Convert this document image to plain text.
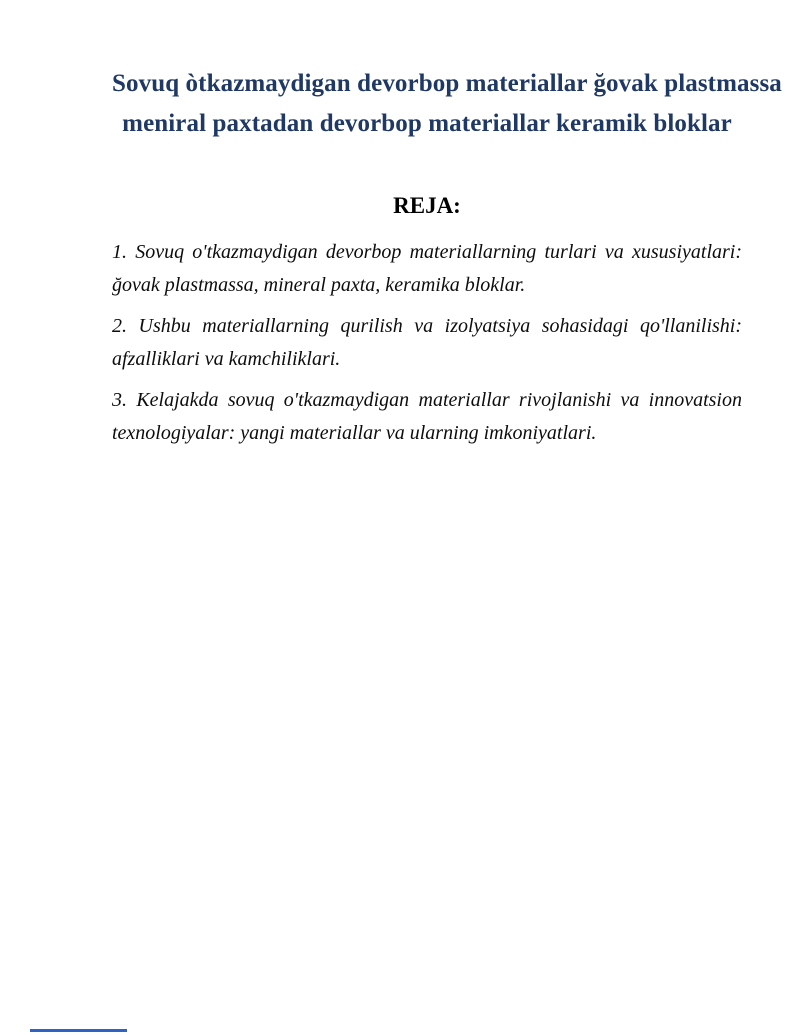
Sovuq òtkazmaydigan devorbop materiallar ğovak plastmassa
meniral paxtadan devorbop materiallar keramik bloklar
REJA:

1. Sovuq o'tkazmaydigan devorbop materiallarning turlari va xususiyatlari: ğovak plastmassa, mineral paxta, keramika bloklar.

2. Ushbu materiallarning qurilish va izolyatsiya sohasidagi qo'llanilishi: afzalliklari va kamchiliklari.

3. Kelajakda sovuq o'tkazmaydigan materiallar rivojlanishi va innovatsion texnologiyalar: yangi materiallar va ularning imkoniyatlari.
